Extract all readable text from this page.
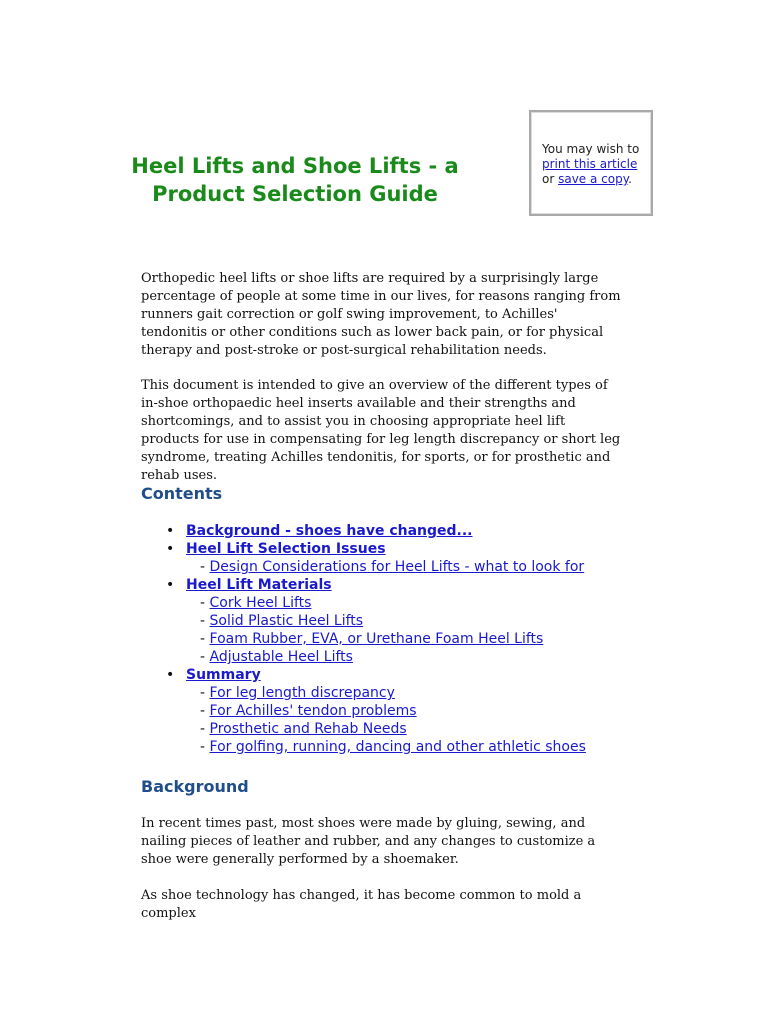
Heel Lifts and Shoe Lifts - a
Product Selection Guide
You may wish to print this article or save a copy.

Orthopedic heel lifts or shoe lifts are required by a surprisingly large percentage of people at some time in our lives, for reasons ranging from runners gait correction or golf swing improvement, to Achilles' tendonitis or other conditions such as lower back pain, or for physical therapy and post-stroke or post-surgical rehabilitation needs.

This document is intended to give an overview of the different types of in-shoe orthopaedic heel inserts available and their strengths and shortcomings, and to assist you in choosing appropriate heel lift products for use in compensating for leg length discrepancy or short leg syndrome, treating Achilles tendonitis, for sports, or for prosthetic and rehab uses.

Contents
• Background - shoes have changed...
• Heel Lift Selection Issues
- Design Considerations for Heel Lifts - what to look for
• Heel Lift Materials
- Cork Heel Lifts
- Solid Plastic Heel Lifts
- Foam Rubber, EVA, or Urethane Foam Heel Lifts
- Adjustable Heel Lifts
• Summary
- For leg length discrepancy
- For Achilles' tendon problems
- Prosthetic and Rehab Needs
- For golfing, running, dancing and other athletic shoes
Background

In recent times past, most shoes were made by gluing, sewing, and nailing pieces of leather and rubber, and any changes to customize a shoe were generally performed by a shoemaker.

As shoe technology has changed, it has become common to mold a complex
